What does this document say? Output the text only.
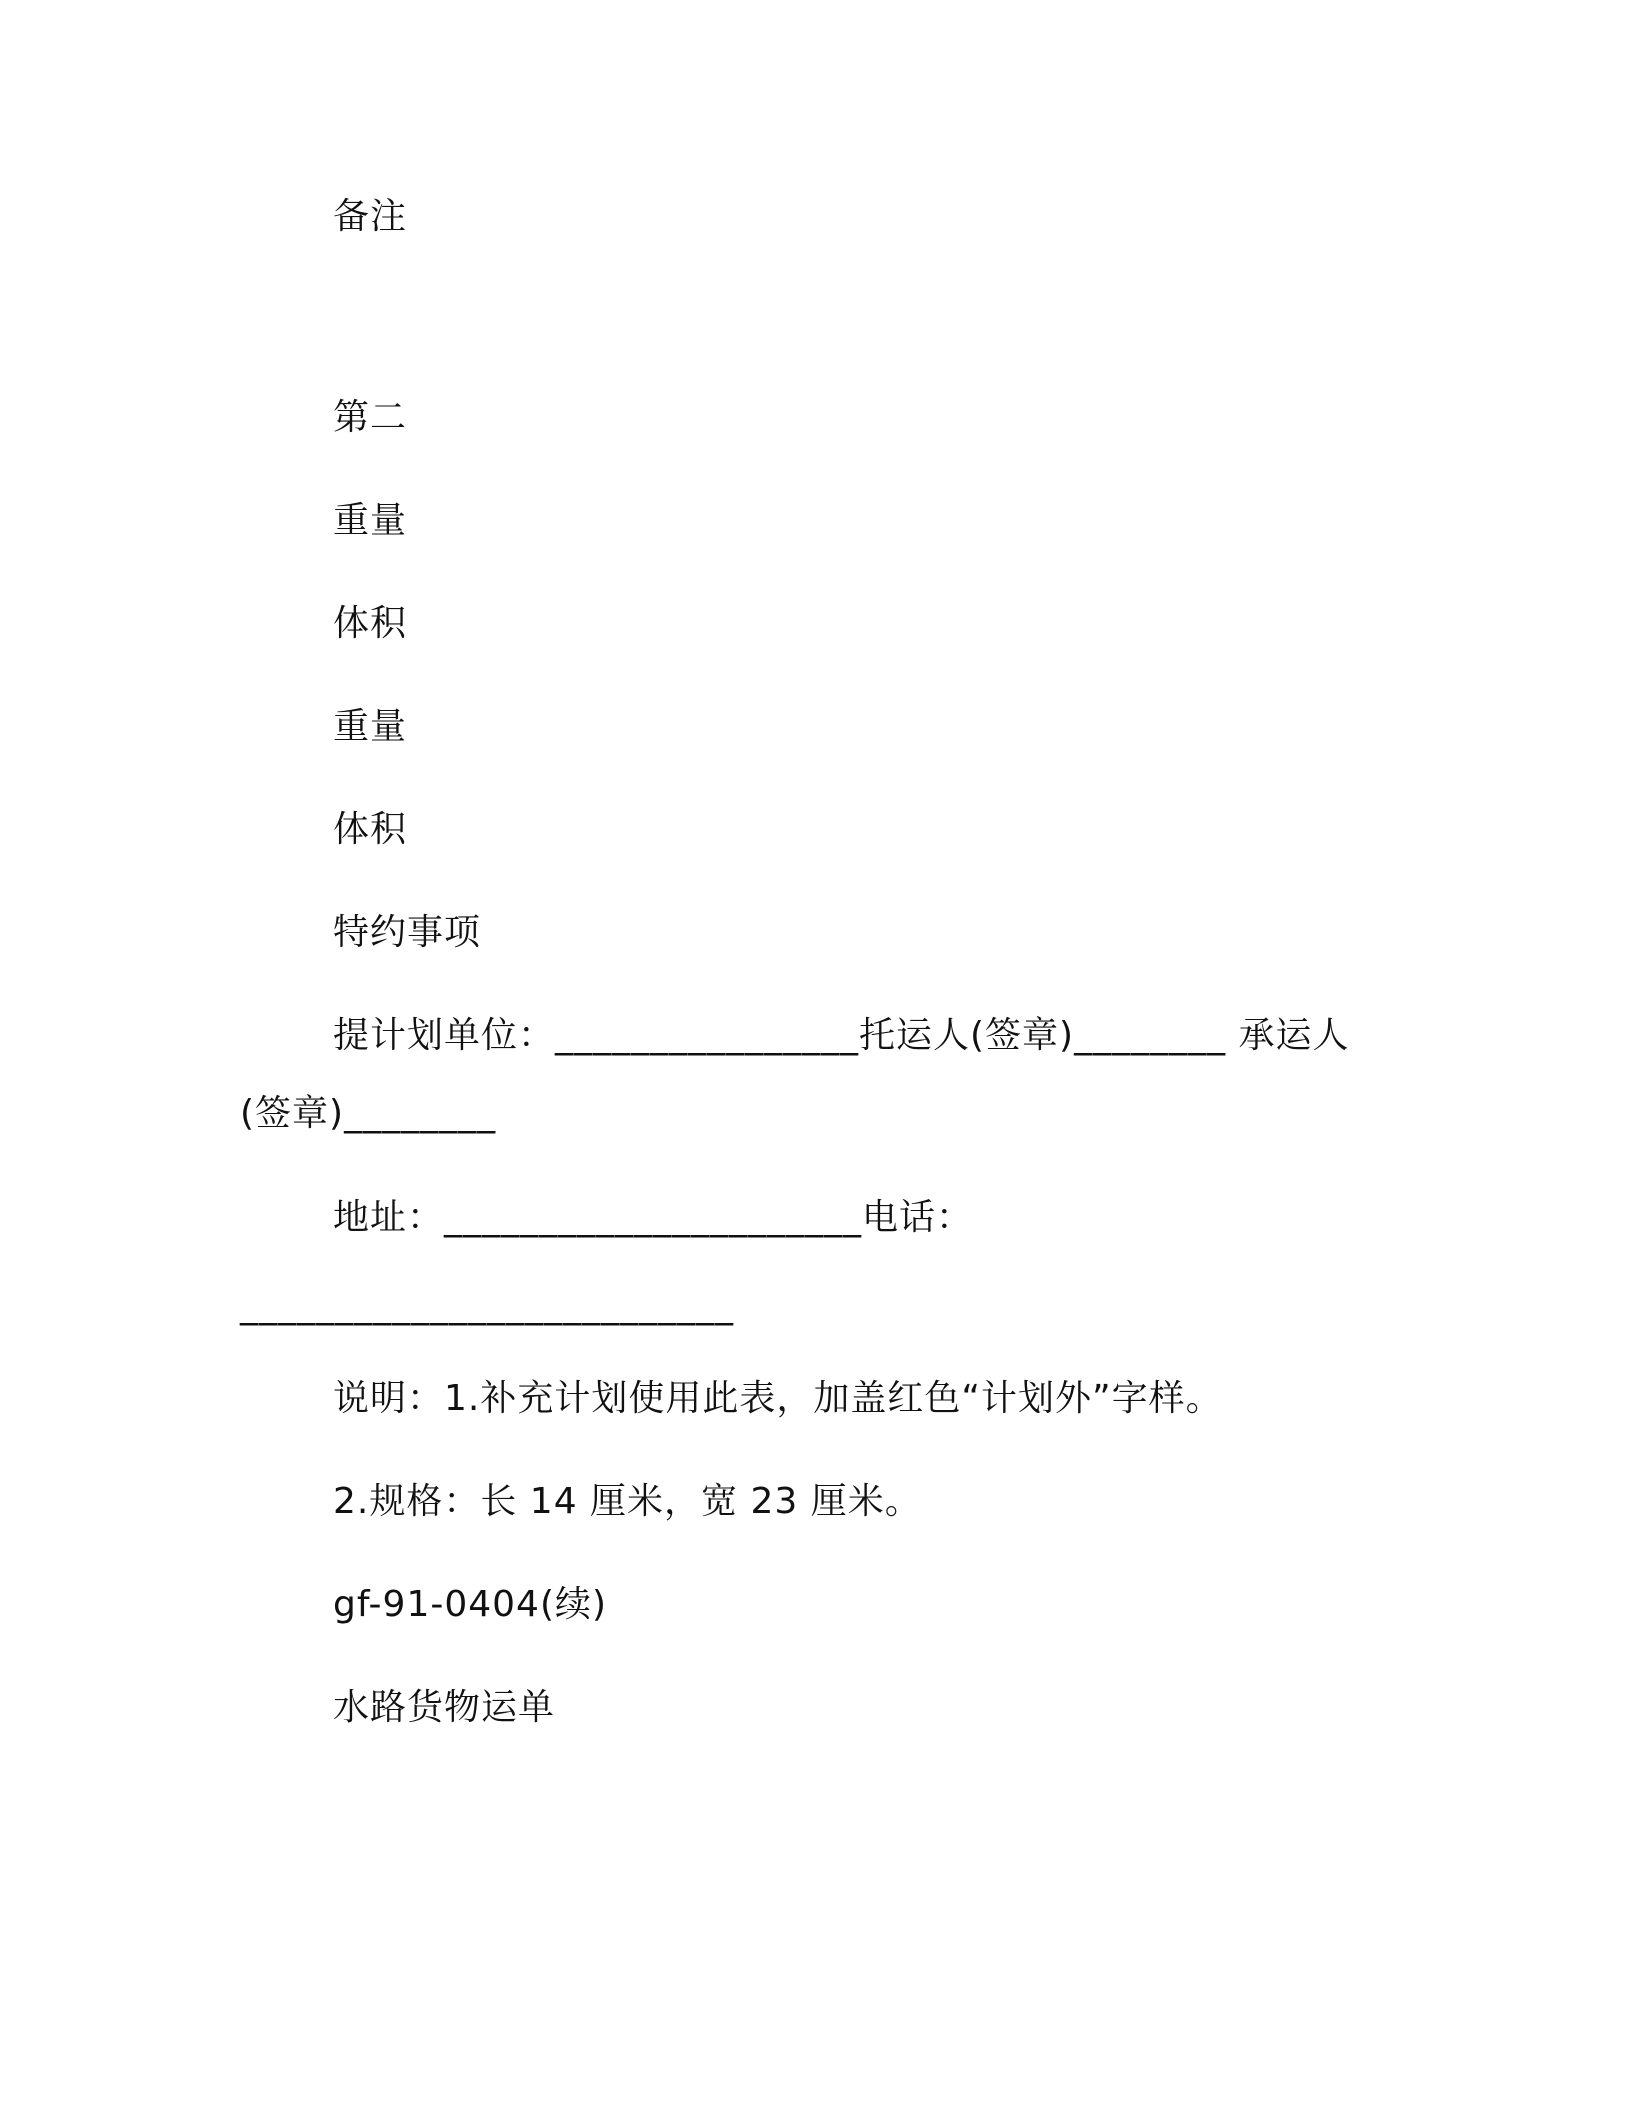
备注
第二
重量
体积
重量
体积
特约事项
提计划单位：________________托运人(签章)________ 承运人
(签章)________
地址：______________________电话：
__________________________
说明：1.补充计划使用此表，加盖红色“计划外”字样。
2.规格：长 14 厘米，宽 23 厘米。
gf-91-0404(续)
水路货物运单
